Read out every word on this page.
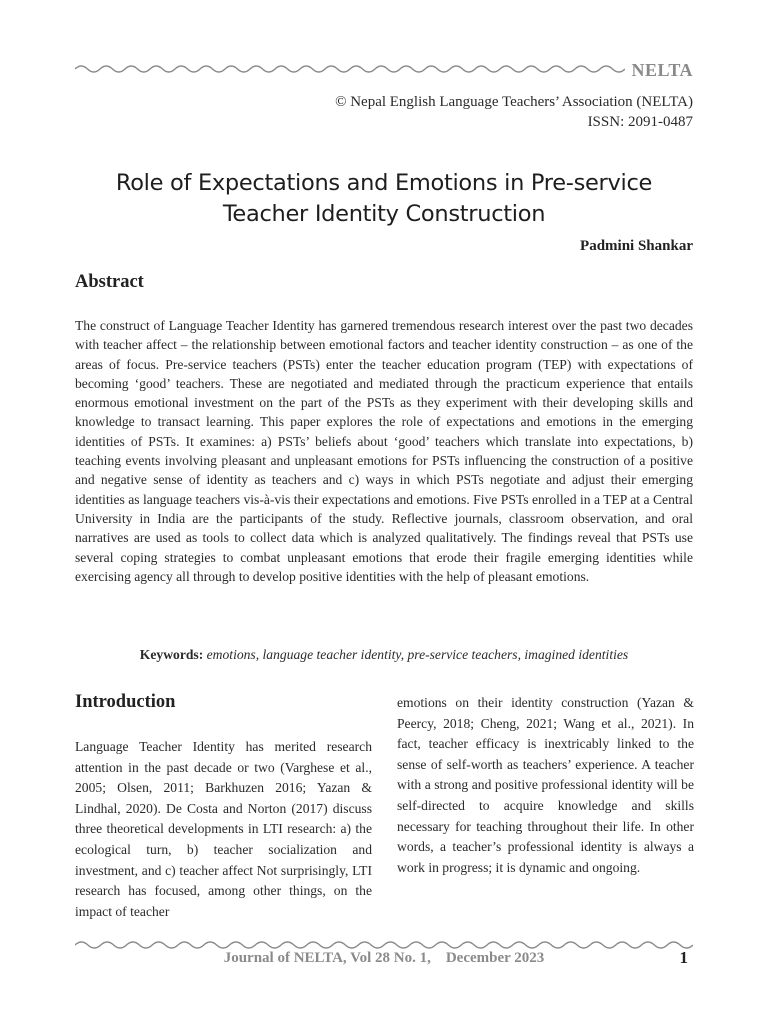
NELTA
© Nepal English Language Teachers’ Association (NELTA)
ISSN: 2091-0487
Role of Expectations and Emotions in Pre-service
Teacher Identity Construction
Padmini Shankar
Abstract
The construct of Language Teacher Identity has garnered tremendous research interest over the past two decades with teacher affect – the relationship between emotional factors and teacher identity construction – as one of the areas of focus. Pre-service teachers (PSTs) enter the teacher education program (TEP) with expectations of becoming ‘good’ teachers. These are negotiated and mediated through the practicum experience that entails enormous emotional investment on the part of the PSTs as they experiment with their developing skills and knowledge to transact learning. This paper explores the role of expectations and emotions in the emerging identities of PSTs. It examines: a) PSTs’ beliefs about ‘good’ teachers which translate into expectations, b) teaching events involving pleasant and unpleasant emotions for PSTs influencing the construction of a positive and negative sense of identity as teachers and c) ways in which PSTs negotiate and adjust their emerging identities as language teachers vis-à-vis their expectations and emotions. Five PSTs enrolled in a TEP at a Central University in India are the participants of the study. Reflective journals, classroom observation, and oral narratives are used as tools to collect data which is analyzed qualitatively. The findings reveal that PSTs use several coping strategies to combat unpleasant emotions that erode their fragile emerging identities while exercising agency all through to develop positive identities with the help of pleasant emotions.
Keywords: emotions, language teacher identity, pre-service teachers, imagined identities
Introduction
Language Teacher Identity has merited research attention in the past decade or two (Varghese et al., 2005; Olsen, 2011; Barkhuzen 2016; Yazan & Lindhal, 2020). De Costa and Norton (2017) discuss three theoretical developments in LTI research: a) the ecological turn, b) teacher socialization and investment, and c) teacher affect Not surprisingly, LTI research has focused, among other things, on the impact of teacher
emotions on their identity construction (Yazan & Peercy, 2018; Cheng, 2021; Wang et al., 2021). In fact, teacher efficacy is inextricably linked to the sense of self-worth as teachers’ experience. A teacher with a strong and positive professional identity will be self-directed to acquire knowledge and skills necessary for teaching throughout their life. In other words, a teacher’s professional identity is always a work in progress; it is dynamic and ongoing.
Journal of NELTA, Vol 28 No. 1,    December 2023	1
